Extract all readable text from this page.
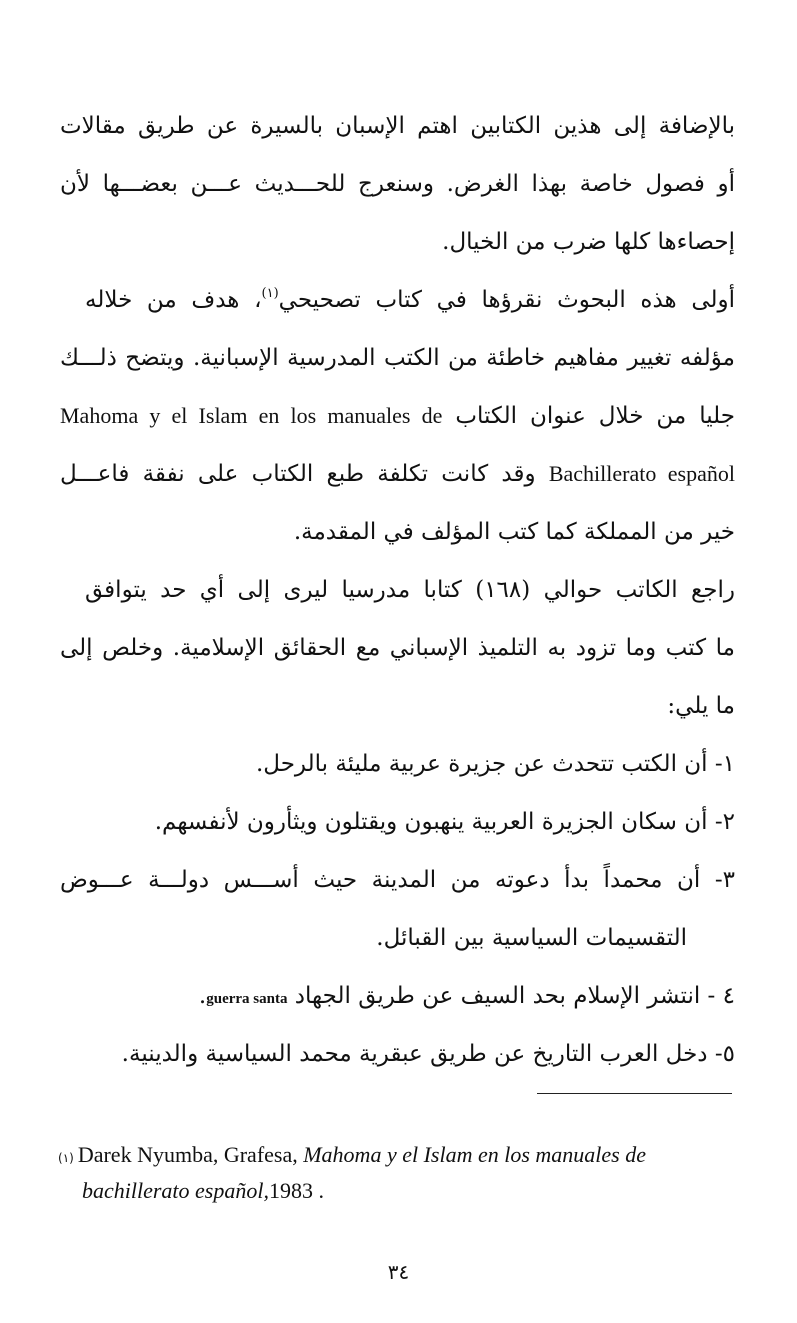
بالإضافة إلى هذين الكتابين اهتم الإسبان بالسيرة عن طريق مقالات
أو فصول خاصة بهذا الغرض. وسنعرج للحـــديث عـــن بعضـــها لأن
إحصاءها كلها ضرب من الخيال.
أولى هذه البحوث نقرؤها في كتاب تصحيحي$^{(١)}$، هدف من خلاله
مؤلفه تغيير مفاهيم خاطئة من الكتب المدرسية الإسبانية. ويتضح ذلـــك
جليا من خلال عنوان الكتاب Mahoma y el Islam en los manuales de
Bachillerato español وقد كانت تكلفة طبع الكتاب على نفقة فاعـــل
خير من المملكة كما كتب المؤلف في المقدمة.
راجع الكاتب حوالي (١٦٨) كتابا مدرسيا ليرى إلى أي حد يتوافق
ما كتب وما تزود به التلميذ الإسباني مع الحقائق الإسلامية. وخلص إلى
ما يلي:
١- أن الكتب تتحدث عن جزيرة عربية مليئة بالرحل.
٢- أن سكان الجزيرة العربية ينهبون ويقتلون ويثأرون لأنفسهم.
٣- أن محمداً بدأ دعوته من المدينة حيث أســـس دولـــة عـــوض
التقسيمات السياسية بين القبائل.
٤ - انتشر الإسلام بحد السيف عن طريق الجهاد guerra santa.
٥- دخل العرب التاريخ عن طريق عبقرية محمد السياسية والدينية.
(١) Darek Nyumba, Grafesa, Mahoma y el Islam en los manuales de
bachillerato español,1983 .
٣٤
